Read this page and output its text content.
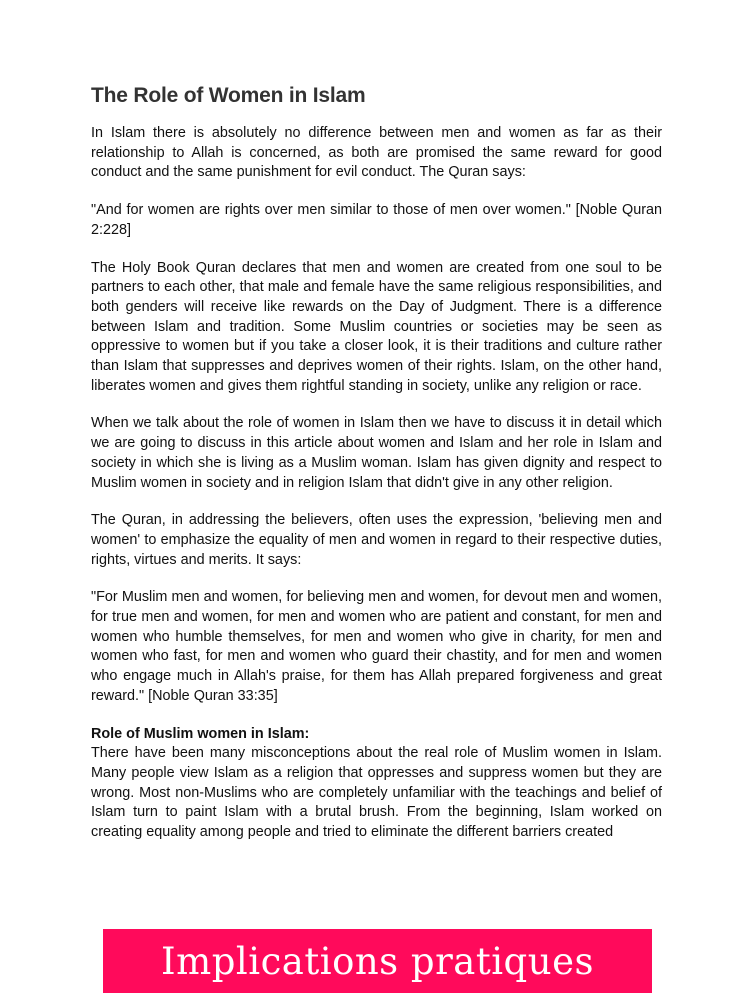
The Role of Women in Islam

In Islam there is absolutely no difference between men and women as far as their relationship to Allah is concerned, as both are promised the same reward for good conduct and the same punishment for evil conduct. The Quran says:

"And for women are rights over men similar to those of men over women." [Noble Quran 2:228]

The Holy Book Quran declares that men and women are created from one soul to be partners to each other, that male and female have the same religious responsibilities, and both genders will receive like rewards on the Day of Judgment. There is a difference between Islam and tradition. Some Muslim countries or societies may be seen as oppressive to women but if you take a closer look, it is their traditions and culture rather than Islam that suppresses and deprives women of their rights. Islam, on the other hand, liberates women and gives them rightful standing in society, unlike any religion or race.

When we talk about the role of women in Islam then we have to discuss it in detail which we are going to discuss in this article about women and Islam and her role in Islam and society in which she is living as a Muslim woman. Islam has given dignity and respect to Muslim women in society and in religion Islam that didn't give in any other religion.

The Quran, in addressing the believers, often uses the expression, 'believing men and women' to emphasize the equality of men and women in regard to their respective duties, rights, virtues and merits. It says:

"For Muslim men and women, for believing men and women, for devout men and women, for true men and women, for men and women who are patient and constant, for men and women who humble themselves, for men and women who give in charity, for men and women who fast, for men and women who guard their chastity, and for men and women who engage much in Allah's praise, for them has Allah prepared forgiveness and great reward." [Noble Quran 33:35]

Role of Muslim women in Islam:

There have been many misconceptions about the real role of Muslim women in Islam. Many people view Islam as a religion that oppresses and suppress women but they are wrong. Most non-Muslims who are completely unfamiliar with the teachings and belief of Islam turn to paint Islam with a brutal brush. From the beginning, Islam worked on creating equality among people and tried to eliminate the different barriers created

Implications pratiques
